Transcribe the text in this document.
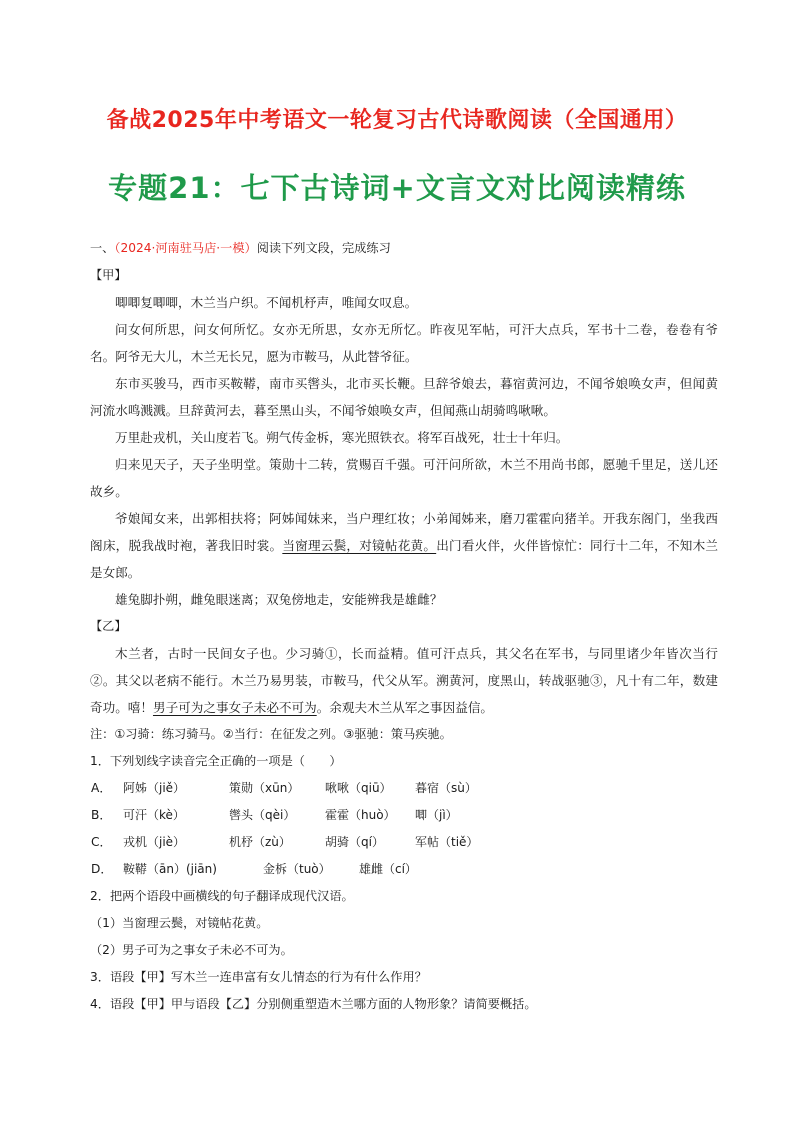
备战2025年中考语文一轮复习古代诗歌阅读（全国通用）
专题21：七下古诗词+文言文对比阅读精练
一、（2024·河南驻马店·一模）阅读下列文段，完成练习
【甲】
唧唧复唧唧，木兰当户织。不闻机杼声，唯闻女叹息。
问女何所思，问女何所忆。女亦无所思，女亦无所忆。昨夜见军帖，可汗大点兵，军书十二卷，卷卷有爷名。阿爷无大儿，木兰无长兄，愿为市鞍马，从此替爷征。
东市买骏马，西市买鞍鞯，南市买辔头，北市买长鞭。旦辞爷娘去，暮宿黄河边，不闻爷娘唤女声，但闻黄河流水鸣溅溅。旦辞黄河去，暮至黑山头，不闻爷娘唤女声，但闻燕山胡骑鸣啾啾。
万里赴戎机，关山度若飞。朔气传金柝，寒光照铁衣。将军百战死，壮士十年归。
归来见天子，天子坐明堂。策勋十二转，赏赐百千强。可汗问所欲，木兰不用尚书郎，愿驰千里足，送儿还故乡。
爷娘闻女来，出郭相扶将；阿姊闻妹来，当户理红妆；小弟闻姊来，磨刀霍霍向猪羊。开我东阁门，坐我西阁床，脱我战时袍，著我旧时裳。当窗理云鬓，对镜帖花黄。出门看火伴，火伴皆惊忙：同行十二年，不知木兰是女郎。
雄兔脚扑朔，雌兔眼迷离；双兔傍地走，安能辨我是雄雌？
【乙】
木兰者，古时一民间女子也。少习骑①，长而益精。值可汗点兵，其父名在军书，与同里诸少年皆次当行②。其父以老病不能行。木兰乃易男装，市鞍马，代父从军。溯黄河，度黑山，转战驱驰③，凡十有二年，数建奇功。嘻！男子可为之事女子未必不可为。余观夫木兰从军之事因益信。
注：①习骑：练习骑马。②当行：在征发之列。③驱驰：策马疾驰。
1．下列划线字读音完全正确的一项是（　　）
A． 阿姊（jiě）	策勋（xūn）	啾啾（qiū）	暮宿（sù）
B． 可汗（kè）	辔头（qèi）	霍霍（huò）	唧（jì）
C． 戎机（jiè）	机杼（zù）	胡骑（qí）	军帖（tiě）
D． 鞍鞯（ān）(jiān)	金柝（tuò）	雄雌（cí）
2．把两个语段中画横线的句子翻译成现代汉语。
（1）当窗理云鬓，对镜帖花黄。
（2）男子可为之事女子未必不可为。
3．语段【甲】写木兰一连串富有女儿情态的行为有什么作用？
4．语段【甲】甲与语段【乙】分别侧重塑造木兰哪方面的人物形象？请简要概括。
